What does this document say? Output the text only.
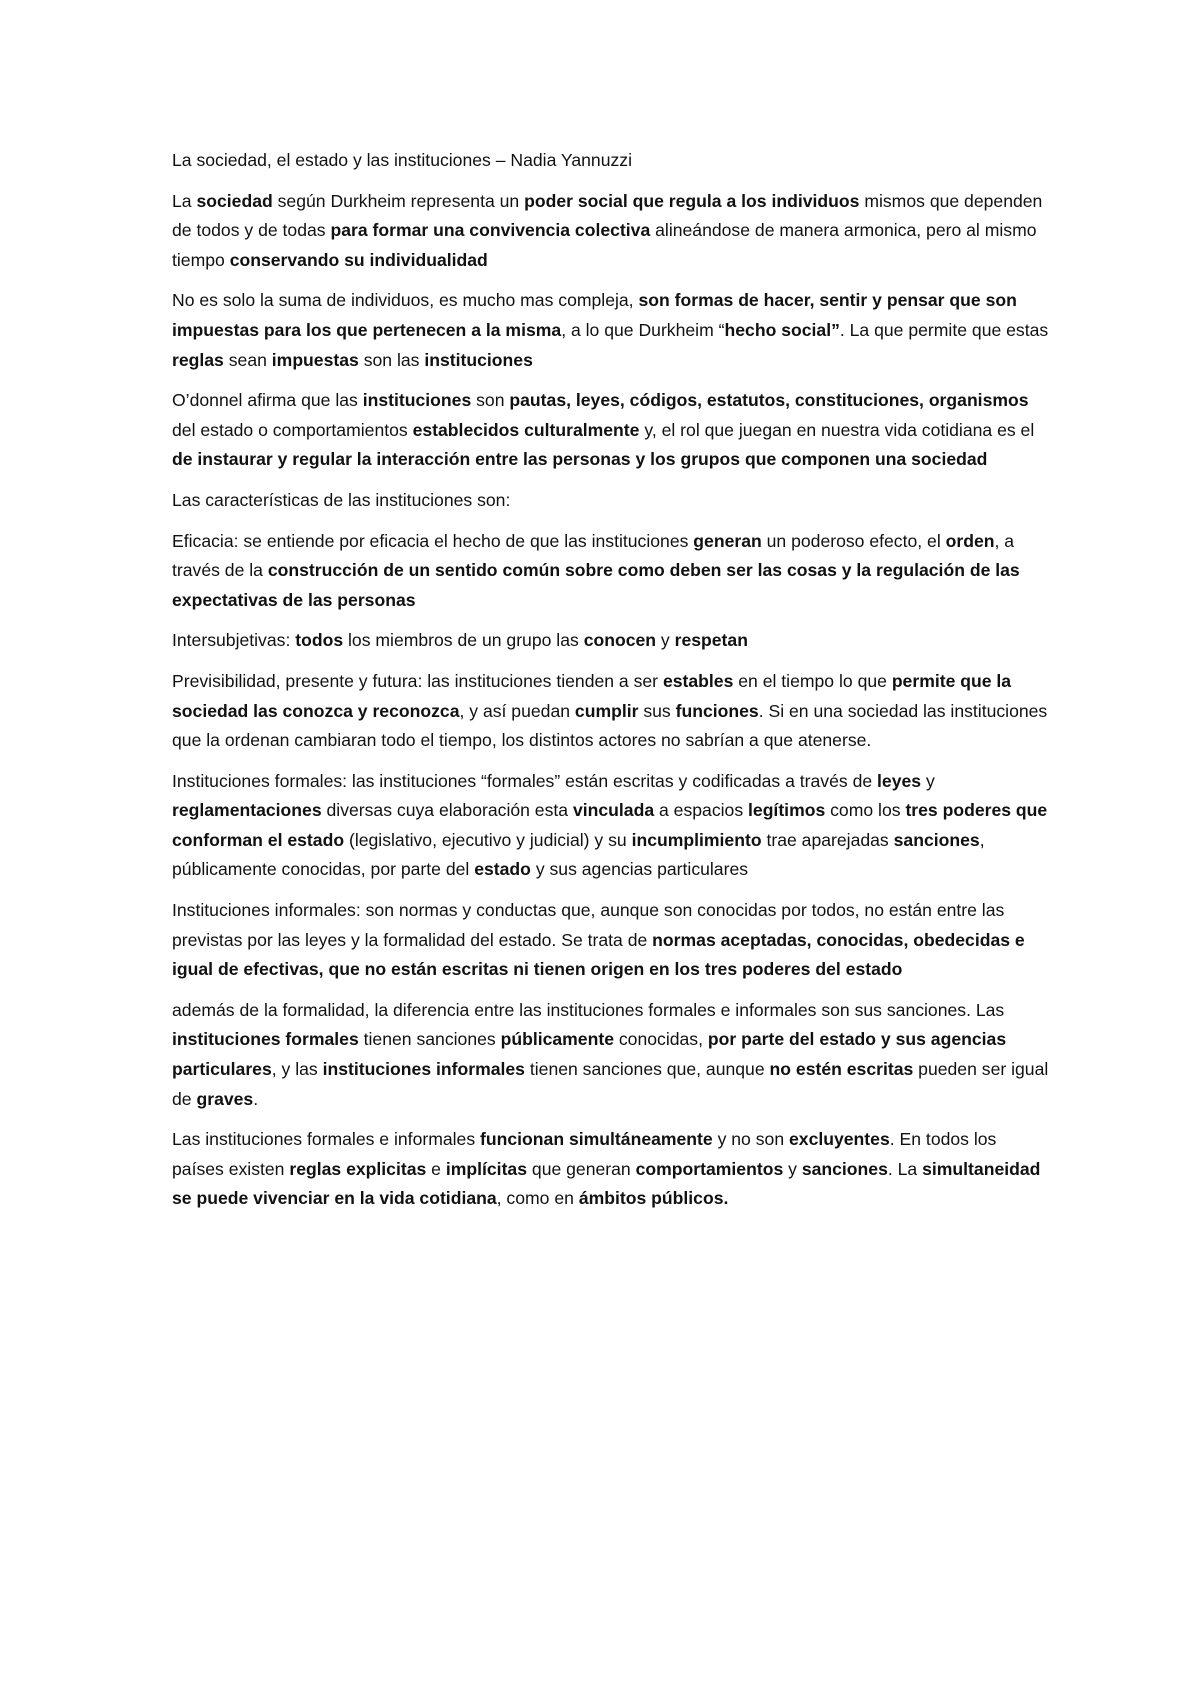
La sociedad, el estado y las instituciones – Nadia Yannuzzi

La sociedad según Durkheim representa un poder social que regula a los individuos mismos que dependen de todos y de todas para formar una convivencia colectiva alineándose de manera armonica, pero al mismo tiempo conservando su individualidad

No es solo la suma de individuos, es mucho mas compleja, son formas de hacer, sentir y pensar que son impuestas para los que pertenecen a la misma, a lo que Durkheim “hecho social”. La que permite que estas reglas sean impuestas son las instituciones

O’donnel afirma que las instituciones son pautas, leyes, códigos, estatutos, constituciones, organismos del estado o comportamientos establecidos culturalmente y, el rol que juegan en nuestra vida cotidiana es el de instaurar y regular la interacción entre las personas y los grupos que componen una sociedad

Las características de las instituciones son:

Eficacia: se entiende por eficacia el hecho de que las instituciones generan un poderoso efecto, el orden, a través de la construcción de un sentido común sobre como deben ser las cosas y la regulación de las expectativas de las personas

Intersubjetivas: todos los miembros de un grupo las conocen y respetan

Previsibilidad, presente y futura: las instituciones tienden a ser estables en el tiempo lo que permite que la sociedad las conozca y reconozca, y así puedan cumplir sus funciones. Si en una sociedad las instituciones que la ordenan cambiaran todo el tiempo, los distintos actores no sabrían a que atenerse.

Instituciones formales: las instituciones “formales” están escritas y codificadas a través de leyes y reglamentaciones diversas cuya elaboración esta vinculada a espacios legítimos como los tres poderes que conforman el estado (legislativo, ejecutivo y judicial) y su incumplimiento trae aparejadas sanciones, públicamente conocidas, por parte del estado y sus agencias particulares

Instituciones informales: son normas y conductas que, aunque son conocidas por todos, no están entre las previstas por las leyes y la formalidad del estado. Se trata de normas aceptadas, conocidas, obedecidas e igual de efectivas, que no están escritas ni tienen origen en los tres poderes del estado

además de la formalidad, la diferencia entre las instituciones formales e informales son sus sanciones. Las instituciones formales tienen sanciones públicamente conocidas, por parte del estado y sus agencias particulares, y las instituciones informales tienen sanciones que, aunque no estén escritas pueden ser igual de graves.

Las instituciones formales e informales funcionan simultáneamente y no son excluyentes. En todos los países existen reglas explicitas e implícitas que generan comportamientos y sanciones. La simultaneidad se puede vivenciar en la vida cotidiana, como en ámbitos públicos.
